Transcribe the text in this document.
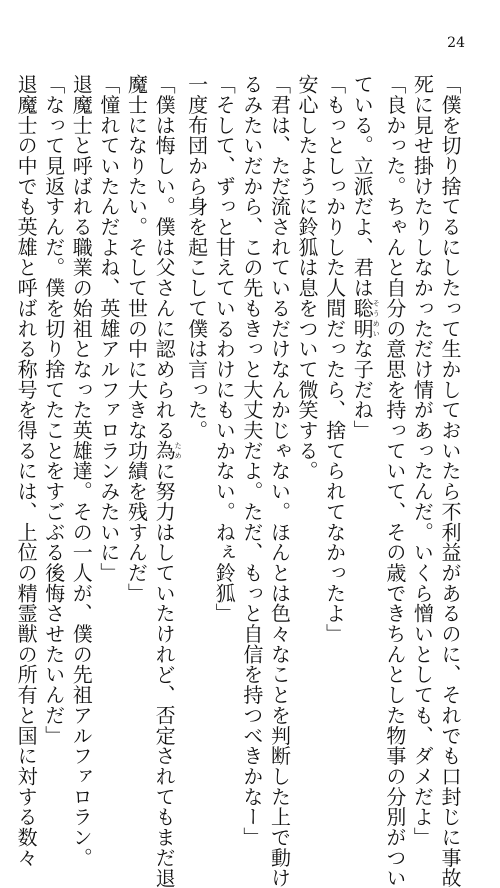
24
「僕を切り捨てるにしたって生かしておいたら不利益があるのに、それでも口封じに事故
死に見せ掛けたりしなかっただけ情があったんだ。いくら憎いとしても、ダメだよ」
「良かった。ちゃんと自分の意思を持っていて、その歳できちんとした物事の分別がつい
ている。立派だよ、君は聡明そうめいな子だね」
「もっとしっかりした人間だったら、捨てられてなかったよ」
安心したように鈴狐は息をついて微笑する。
「君は、ただ流されているだけなんかじゃない。ほんとは色々なことを判断した上で動け
るみたいだから、この先もきっと大丈夫だよ。ただ、もっと自信を持つべきかなー」
「そして、ずっと甘えているわけにもいかない。ねぇ鈴狐」
一度布団から身を起こして僕は言った。
「僕は悔しい。僕は父さんに認められる為ために努力はしていたけれど、否定されてもまだ退
魔士になりたい。そして世の中に大きな功績を残すんだ」
「憧れていたんだよね、英雄アルファロランみたいに」
退魔士と呼ばれる職業の始祖となった英雄達。その一人が、僕の先祖アルファロラン。
「なって見返すんだ。僕を切り捨てたことをすごぶる後悔させたいんだ」
退魔士の中でも英雄と呼ばれる称号を得るには、上位の精霊獣の所有と国に対する数々
